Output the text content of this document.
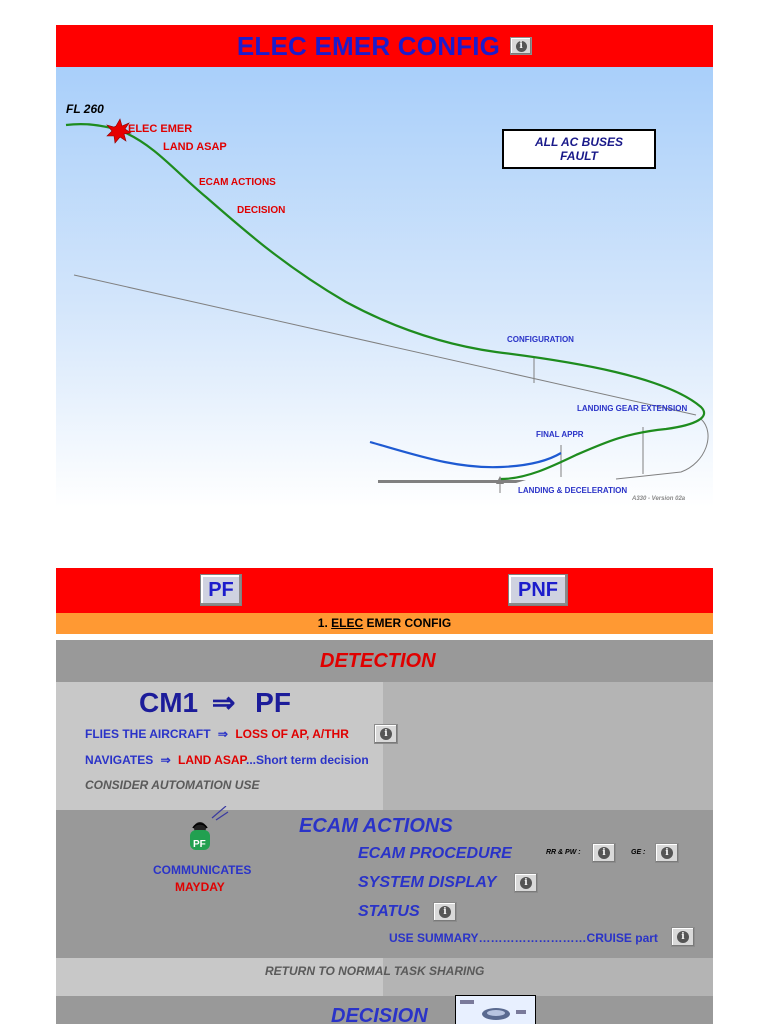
ELEC EMER CONFIG	i
FL 260
ELEC EMER
LAND ASAP
ECAM ACTIONS
DECISION
ALL AC BUSES
FAULT
CONFIGURATION
LANDING GEAR EXTENSION
FINAL APPR
LANDING & DECELERATION
A330 - Version 02a
PF	PNF
1. ELEC EMER CONFIG
DETECTION
CM1 ⇒ PF
FLIES THE AIRCRAFT ⇒ LOSS OF AP, A/THR	i
NAVIGATES ⇒ LAND ASAP...Short term decision
CONSIDER AUTOMATION USE
PF
COMMUNICATES
MAYDAY
ECAM ACTIONS
ECAM PROCEDURE	RR & PW :	i	GE :	i
SYSTEM DISPLAY	i
STATUS	i
USE SUMMARY………………………CRUISE part	i
RETURN TO NORMAL TASK SHARING
DECISION
